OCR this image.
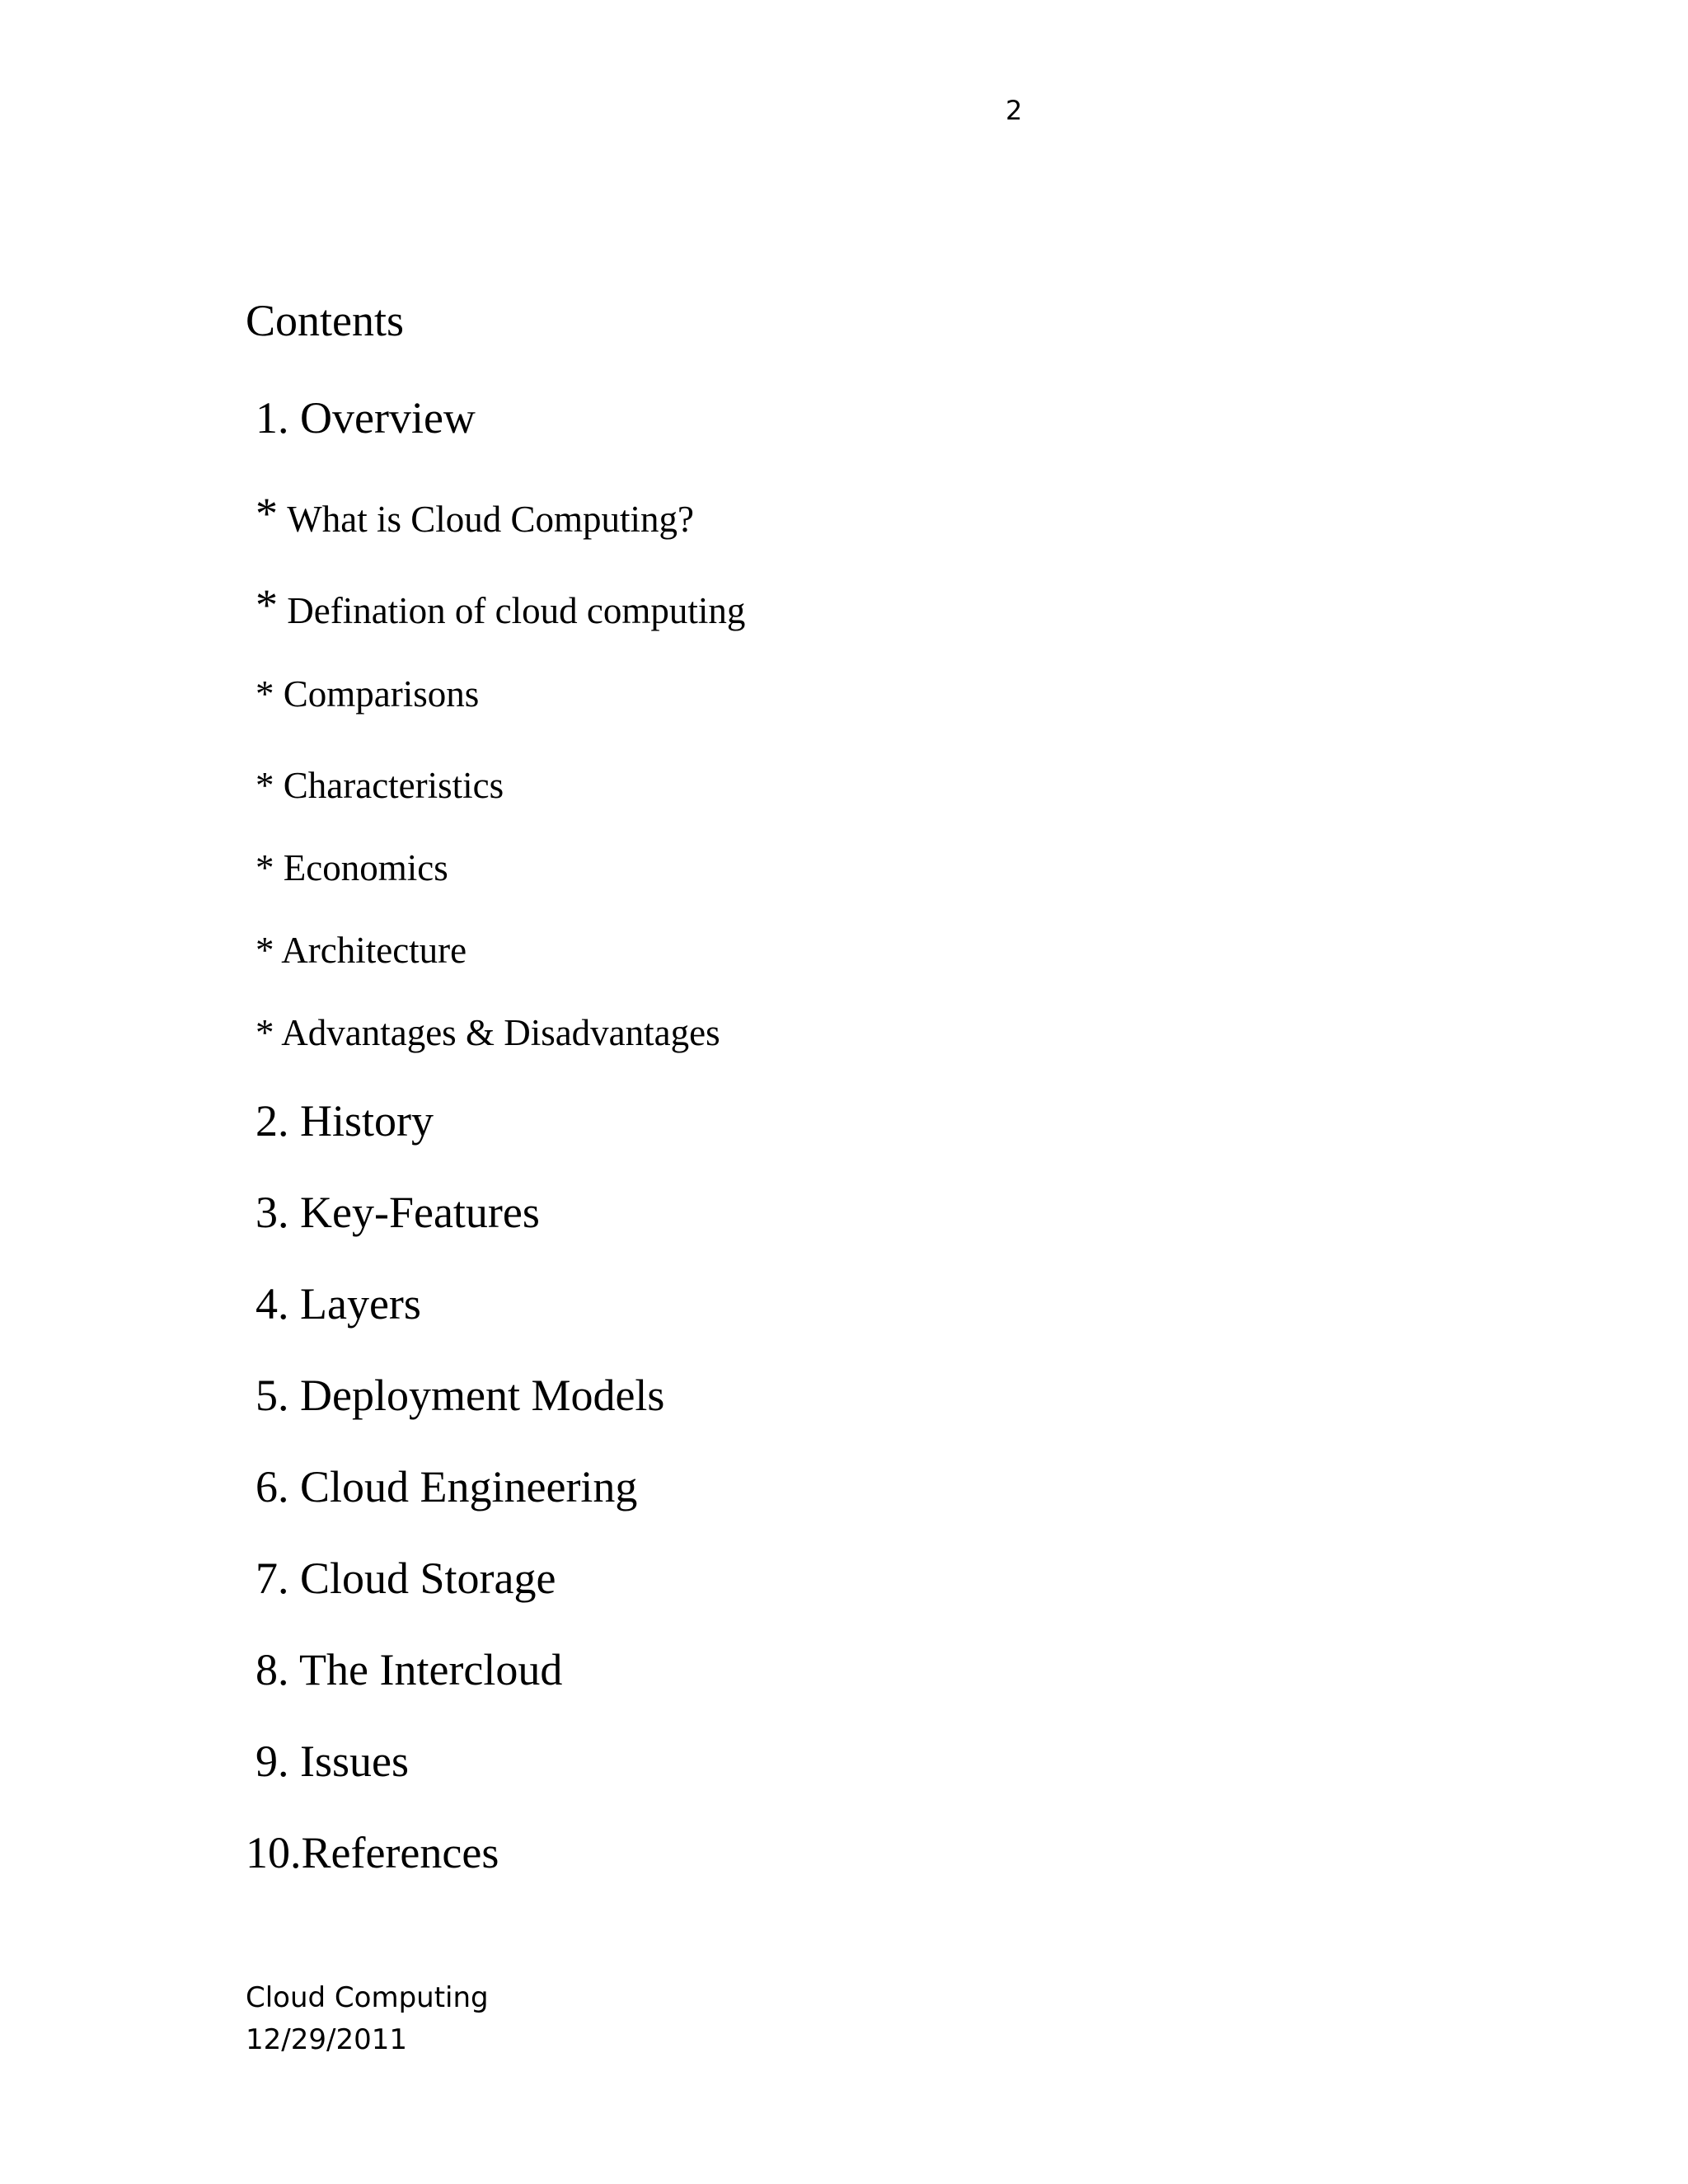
2
Contents
1. Overview
* What is Cloud Computing?
* Defination of cloud computing
* Comparisons
* Characteristics
* Economics
* Architecture
* Advantages & Disadvantages
2. History
3. Key-Features
4. Layers
5. Deployment Models
6. Cloud Engineering
7. Cloud Storage
8. The Intercloud
9. Issues
10.References
Cloud Computing
12/29/2011
